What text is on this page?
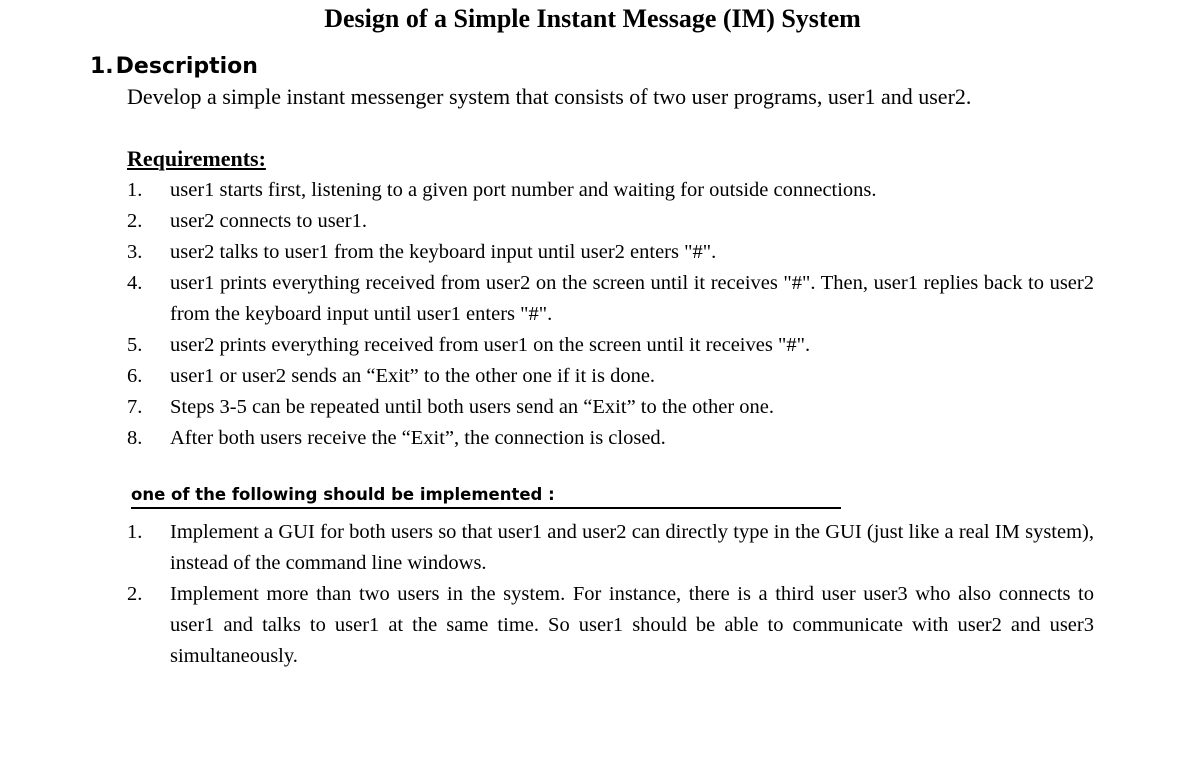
Design of a Simple Instant Message (IM) System
1.Description
Develop a simple instant messenger system that consists of two user programs, user1 and user2.
Requirements:
1. user1 starts first, listening to a given port number and waiting for outside connections.
2. user2 connects to user1.
3. user2 talks to user1 from the keyboard input until user2 enters "#".
4. user1 prints everything received from user2 on the screen until it receives "#". Then, user1 replies back to user2 from the keyboard input until user1 enters "#".
5. user2 prints everything received from user1 on the screen until it receives "#".
6. user1 or user2 sends an “Exit” to the other one if it is done.
7. Steps 3-5 can be repeated until both users send an “Exit” to the other one.
8. After both users receive the “Exit”, the connection is closed.
one of the following should be implemented :
1. Implement a GUI for both users so that user1 and user2 can directly type in the GUI (just like a real IM system), instead of the command line windows.
2. Implement more than two users in the system. For instance, there is a third user user3 who also connects to user1 and talks to user1 at the same time. So user1 should be able to communicate with user2 and user3 simultaneously.
